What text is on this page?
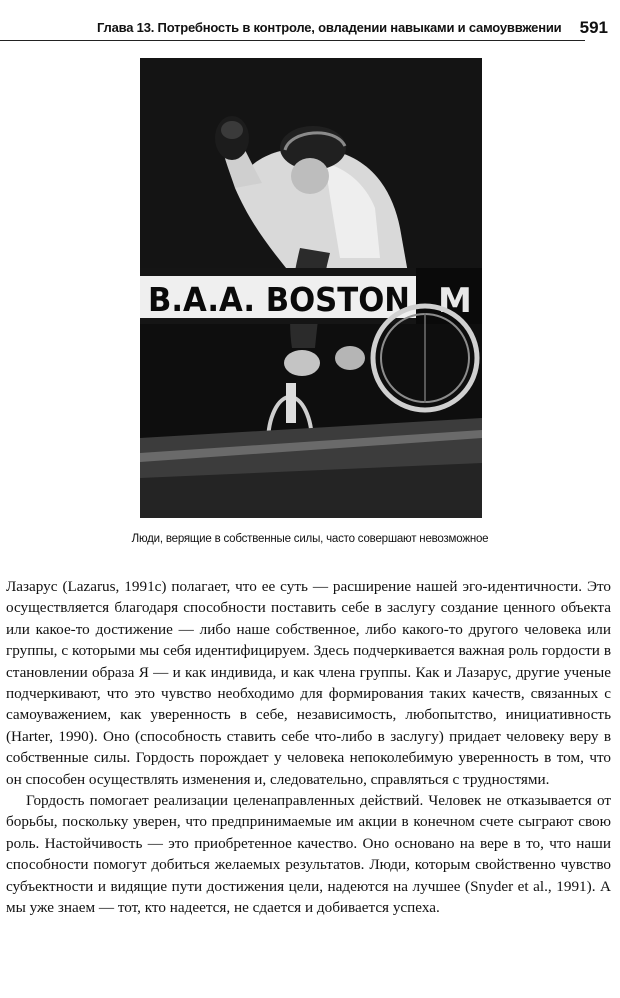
Глава 13. Потребность в контроле, овладении навыками и самоуввжении 591
B.A.A. BOSTON M
Люди, верящие в собственные силы, часто совершают невозможное

Лазарус (Lazarus, 1991c) полагает, что ее суть — расширение нашей эго-идентичности. Это осуществляется благодаря способности поставить себе в заслугу создание ценного объекта или какое-то достижение — либо наше собственное, либо какого-то другого человека или группы, с которыми мы себя идентифицируем. Здесь подчеркивается важная роль гордости в становлении образа Я — и как индивида, и как члена группы. Как и Лазарус, другие ученые подчеркивают, что это чувство необходимо для формирования таких качеств, связанных с самоуважением, как уверенность в себе, независимость, любопытство, инициативность (Harter, 1990). Оно (способность ставить себе что-либо в заслугу) придает человеку веру в собственные силы. Гордость порождает у человека непоколебимую уверенность в том, что он способен осуществлять изменения и, следовательно, справляться с трудностями.

Гордость помогает реализации целенаправленных действий. Человек не отказывается от борьбы, поскольку уверен, что предпринимаемые им акции в конечном счете сыграют свою роль. Настойчивость — это приобретенное качество. Оно основано на вере в то, что наши способности помогут добиться желаемых результатов. Люди, которым свойственно чувство субъектности и видящие пути достижения цели, надеются на лучшее (Snyder et al., 1991). А мы уже знаем — тот, кто надеется, не сдается и добивается успеха.
